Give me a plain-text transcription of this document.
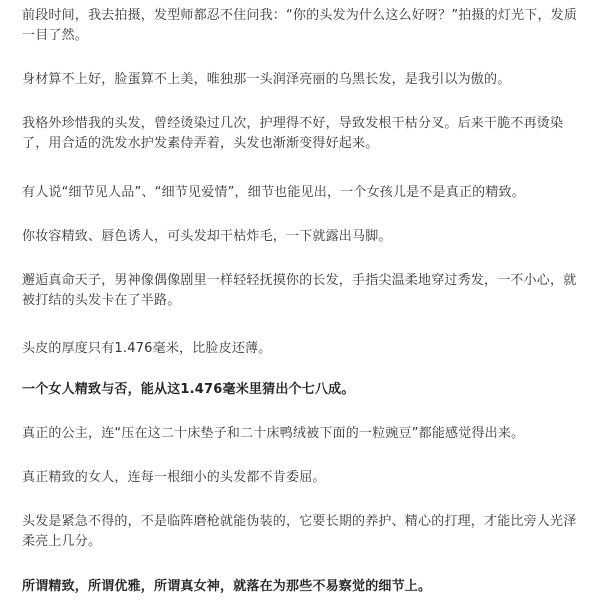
前段时间，我去拍摄，发型师都忍不住问我：“你的头发为什么这么好呀？”拍摄的灯光下，发质一目了然。

身材算不上好，脸蛋算不上美，唯独那一头润泽亮丽的乌黑长发，是我引以为傲的。

我格外珍惜我的头发，曾经烫染过几次，护理得不好，导致发根干枯分叉。后来干脆不再烫染了，用合适的洗发水护发素侍弄着，头发也渐渐变得好起来。

有人说“细节见人品”、“细节见爱情”，细节也能见出，一个女孩儿是不是真正的精致。

你妆容精致、唇色诱人，可头发却干枯炸毛，一下就露出马脚。

邂逅真命天子，男神像偶像剧里一样轻轻抚摸你的长发，手指尖温柔地穿过秀发，一不小心，就被打结的头发卡在了半路。

头皮的厚度只有1.476毫米，比脸皮还薄。

一个女人精致与否，能从这1.476毫米里猜出个七八成。

真正的公主，连“压在这二十床垫子和二十床鸭绒被下面的一粒豌豆”都能感觉得出来。

真正精致的女人，连每一根细小的头发都不肯委屈。

头发是紧急不得的，不是临阵磨枪就能伪装的，它要长期的养护、精心的打理，才能比旁人光泽柔亮上几分。

所谓精致，所谓优雅，所谓真女神，就落在为那些不易察觉的细节上。
